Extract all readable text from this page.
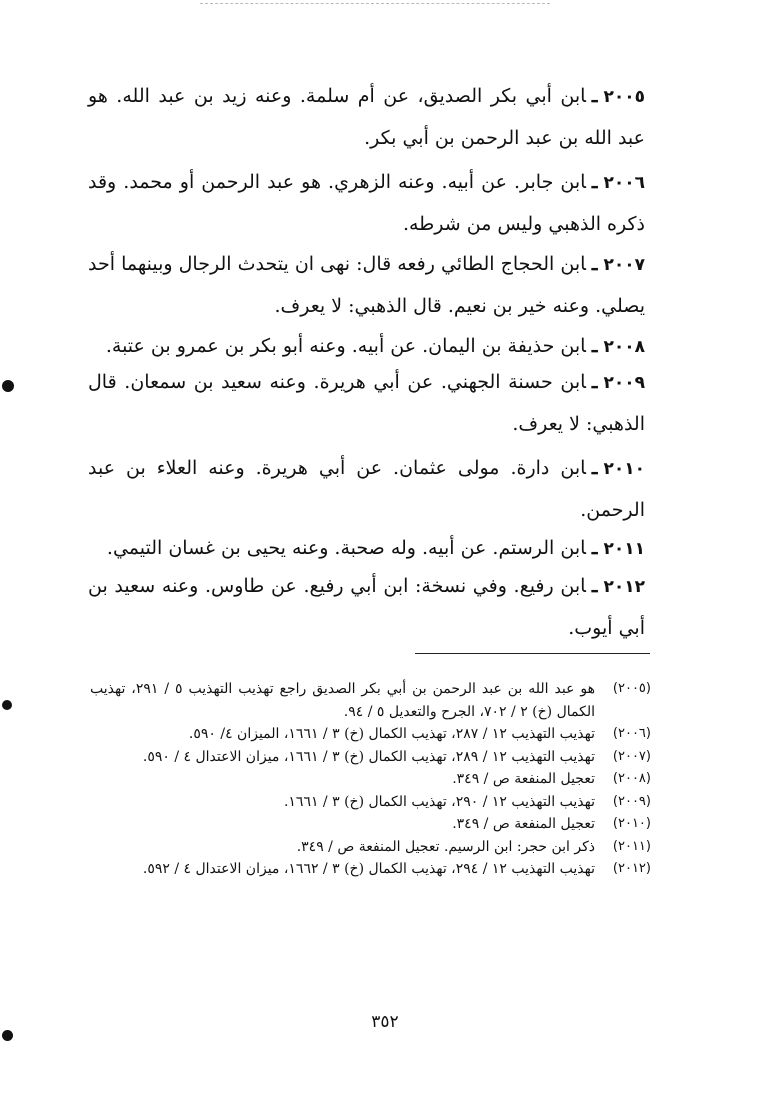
٢٠٠٥ـابن أبي بكر الصديق، عن أم سلمة. وعنه زيد بن عبد الله. هو عبد الله بن عبد الرحمن بن أبي بكر.
٢٠٠٦ـابن جابر. عن أبيه. وعنه الزهري. هو عبد الرحمن أو محمد. وقد ذكره الذهبي وليس من شرطه.
٢٠٠٧ـابن الحجاج الطائي رفعه قال: نهى ان يتحدث الرجال وبينهما أحد يصلي. وعنه خير بن نعيم. قال الذهبي: لا يعرف.
٢٠٠٨ـابن حذيفة بن اليمان. عن أبيه. وعنه أبو بكر بن عمرو بن عتبة.
٢٠٠٩ـابن حسنة الجهني. عن أبي هريرة. وعنه سعيد بن سمعان. قال الذهبي: لا يعرف.
٢٠١٠ـابن دارة. مولى عثمان. عن أبي هريرة. وعنه العلاء بن عبد الرحمن.
٢٠١١ـابن الرستم. عن أبيه. وله صحبة. وعنه يحيى بن غسان التيمي.
٢٠١٢ـابن رفيع. وفي نسخة: ابن أبي رفيع. عن طاوس. وعنه سعيد بن أبي أيوب.
(٢٠٠٥)
هو عبد الله بن عبد الرحمن بن أبي بكر الصديق راجع تهذيب التهذيب ٥ / ٢٩١، تهذيب الكمال (خ) ٢ / ٧٠٢، الجرح والتعديل ٥ / ٩٤.
(٢٠٠٦)
تهذيب التهذيب ١٢ / ٢٨٧، تهذيب الكمال (خ) ٣ / ١٦٦١، الميزان ٤/ ٥٩٠.
(٢٠٠٧)
تهذيب التهذيب ١٢ / ٢٨٩، تهذيب الكمال (خ) ٣ / ١٦٦١، ميزان الاعتدال ٤ / ٥٩٠.
(٢٠٠٨)
تعجيل المنفعة ص / ٣٤٩.
(٢٠٠٩)
تهذيب التهذيب ١٢ / ٢٩٠، تهذيب الكمال (خ) ٣ / ١٦٦١.
(٢٠١٠)
تعجيل المنفعة ص / ٣٤٩.
(٢٠١١)
ذكر ابن حجر: ابن الرسيم. تعجيل المنفعة ص / ٣٤٩.
(٢٠١٢)
تهذيب التهذيب ١٢ / ٢٩٤، تهذيب الكمال (خ) ٣ / ١٦٦٢، ميزان الاعتدال ٤ / ٥٩٢.
٣٥٢
